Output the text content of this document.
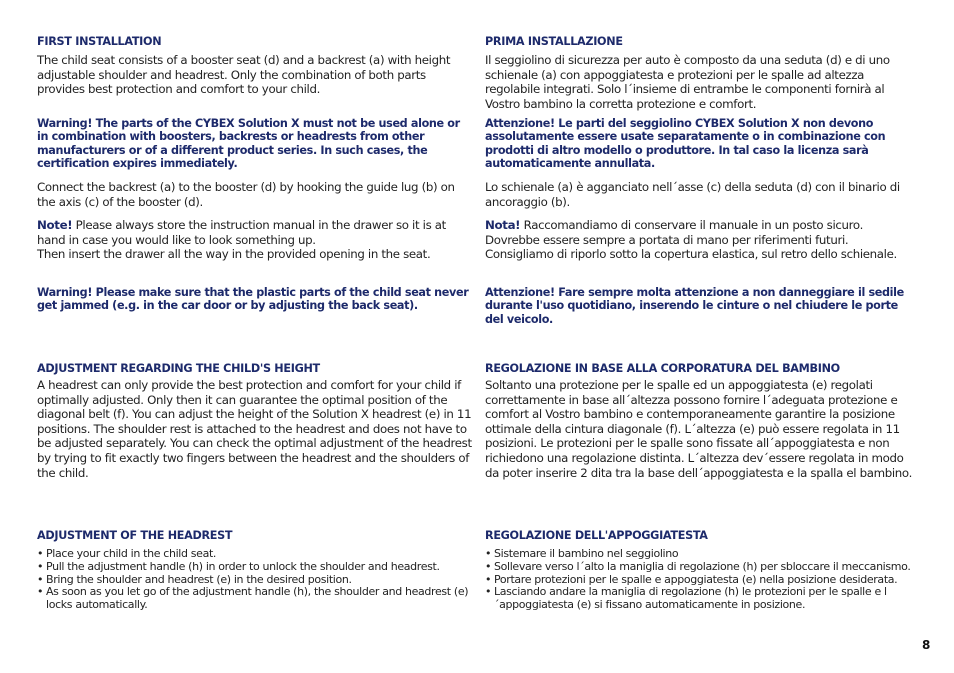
FIRST INSTALLATION

The child seat consists of a booster seat (d) and a backrest (a) with height adjustable shoulder and headrest. Only the combination of both parts provides best protection and comfort to your child.

Warning! The parts of the CYBEX Solution X must not be used alone or in combination with boosters, backrests or headrests from other manufacturers or of a different product series. In such cases, the certification expires immediately.

Connect the backrest (a) to the booster (d) by hooking the guide lug (b) on the axis (c) of the booster (d).

Note! Please always store the instruction manual in the drawer so it is at hand in case you would like to look something up.

Then insert the drawer all the way in the provided opening in the seat.

Warning! Please make sure that the plastic parts of the child seat never get jammed (e.g. in the car door or by adjusting the back seat).

ADJUSTMENT REGARDING THE CHILD'S HEIGHT

A headrest can only provide the best protection and comfort for your child if optimally adjusted. Only then it can guarantee the optimal position of the diagonal belt (f). You can adjust the height of the Solution X headrest (e) in 11 positions. The shoulder rest is attached to the headrest and does not have to be adjusted separately. You can check the optimal adjustment of the headrest by trying to fit exactly two fingers between the headrest and the shoulders of the child.

ADJUSTMENT OF THE HEADREST
• Place your child in the child seat.
• Pull the adjustment handle (h) in order to unlock the shoulder and headrest.
• Bring the shoulder and headrest (e) in the desired position.
• As soon as you let go of the adjustment handle (h), the shoulder and headrest (e) locks automatically.
PRIMA INSTALLAZIONE

Il seggiolino di sicurezza per auto è composto da una seduta (d) e di uno schienale (a) con appoggiatesta e protezioni per le spalle ad altezza regolabile integrati. Solo l´insieme di entrambe le componenti fornirà al Vostro bambino la corretta protezione e comfort.

Attenzione! Le parti del seggiolino CYBEX Solution X non devono assolutamente essere usate separatamente o in combinazione con prodotti di altro modello o produttore. In tal caso la licenza sarà automaticamente annullata.

Lo schienale (a) è agganciato nell´asse (c) della seduta (d) con il binario di ancoraggio (b).

Nota! Raccomandiamo di conservare il manuale in un posto sicuro.

Dovrebbe essere sempre a portata di mano per riferimenti futuri.

Consigliamo di riporlo sotto la copertura elastica, sul retro dello schienale.

Attenzione! Fare sempre molta attenzione a non danneggiare il sedile durante l'uso quotidiano, inserendo le cinture o nel chiudere le porte del veicolo.

REGOLAZIONE IN BASE ALLA CORPORATURA DEL BAMBINO

Soltanto una protezione per le spalle ed un appoggiatesta (e) regolati correttamente in base all´altezza possono fornire l´adeguata protezione e comfort al Vostro bambino e contemporaneamente garantire la posizione ottimale della cintura diagonale (f). L´altezza (e) può essere regolata in 11 posizioni. Le protezioni per le spalle sono fissate all´appoggiatesta e non richiedono una regolazione distinta. L´altezza dev´essere regolata in modo da poter inserire 2 dita tra la base dell´appoggiatesta e la spalla el bambino.

REGOLAZIONE DELL'APPOGGIATESTA
• Sistemare il bambino nel seggiolino
• Sollevare verso l´alto la maniglia di regolazione (h) per sbloccare il meccanismo.
• Portare protezioni per le spalle e appoggiatesta (e) nella posizione desiderata.
• Lasciando andare la maniglia di regolazione (h) le protezioni per le spalle e l´appoggiatesta (e) si fissano automaticamente in posizione.
8
